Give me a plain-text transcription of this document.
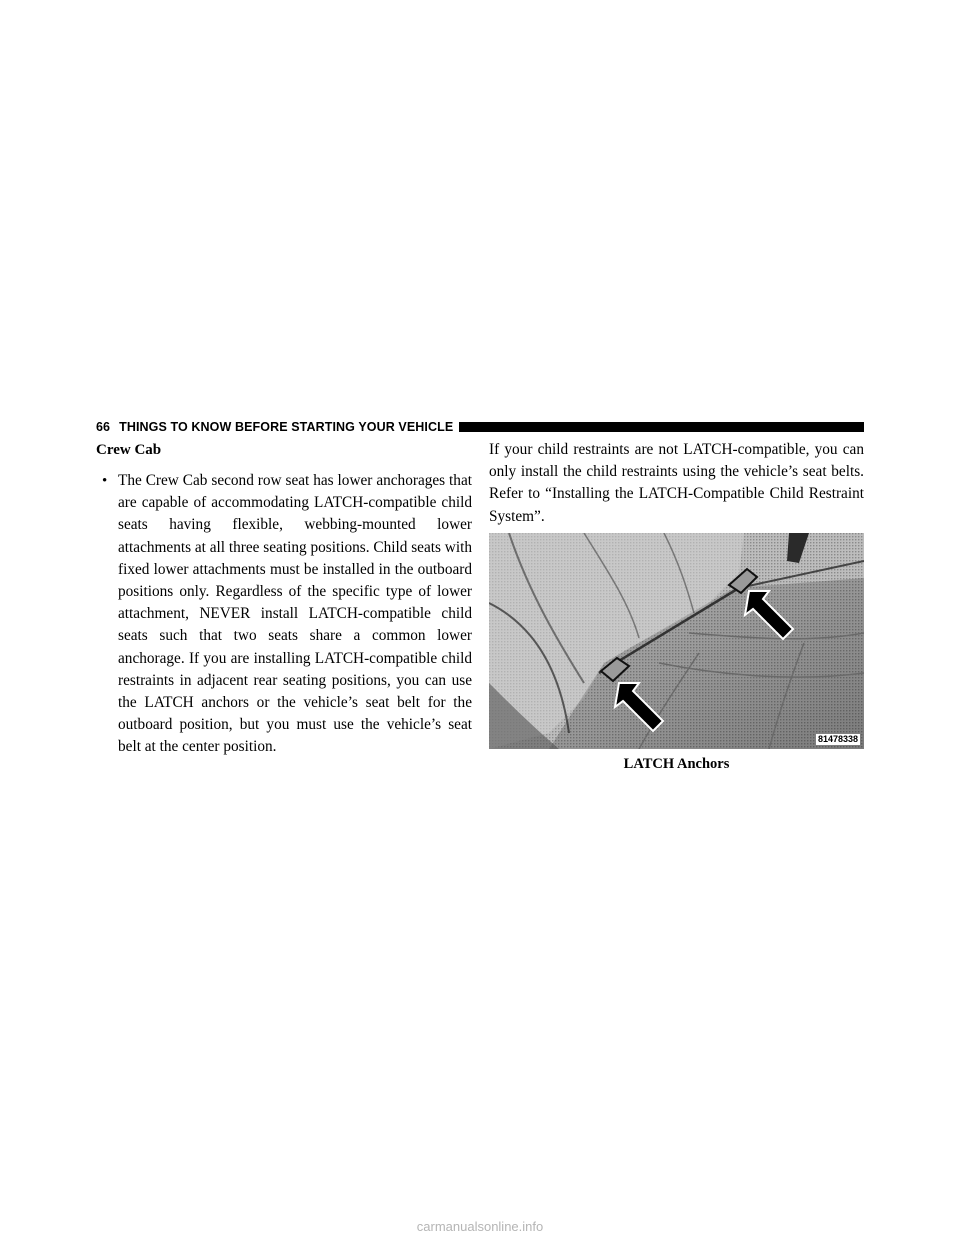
66 THINGS TO KNOW BEFORE STARTING YOUR VEHICLE
Crew Cab
• The Crew Cab second row seat has lower anchorages that are capable of accommodating LATCH-compatible child seats having flexible, webbing-mounted lower attachments at all three seating positions. Child seats with fixed lower attachments must be installed in the outboard positions only. Regardless of the specific type of lower attachment, NEVER install LATCH-compatible child seats such that two seats share a common lower anchorage. If you are installing LATCH-compatible child restraints in adjacent rear seating positions, you can use the LATCH anchors or the vehicle’s seat belt for the outboard position, but you must use the vehicle’s seat belt at the center position.

If your child restraints are not LATCH-compatible, you can only install the child restraints using the vehicle’s seat belts. Refer to “Installing the LATCH-Compatible Child Restraint System”.

81478338
LATCH Anchors
carmanualsonline.info
